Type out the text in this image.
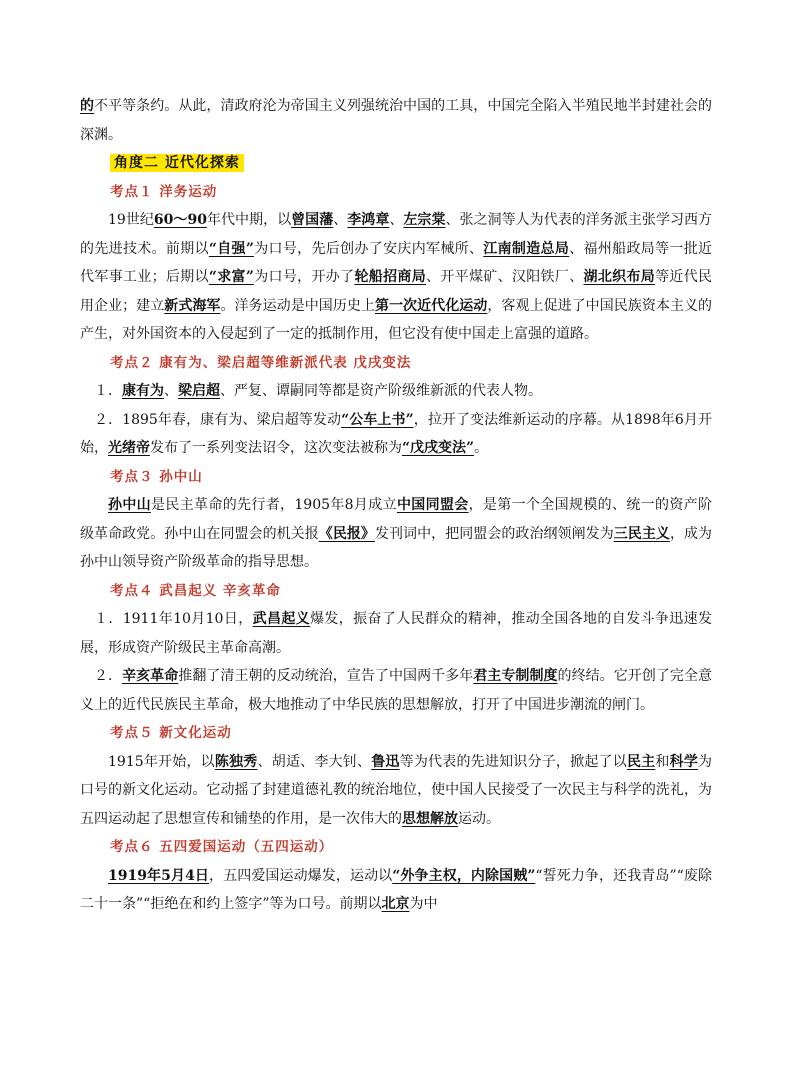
的不平等条约。从此，清政府沦为帝国主义列强统治中国的工具，中国完全陷入半殖民地半封建社会的深渊。

角度二 近代化探索

考点１ 洋务运动

19世纪60～90年代中期，以曾国藩、李鸿章、左宗棠、张之洞等人为代表的洋务派主张学习西方的先进技术。前期以“自强”为口号，先后创办了安庆内军械所、江南制造总局、福州船政局等一批近代军事工业；后期以“求富”为口号，开办了轮船招商局、开平煤矿、汉阳铁厂、湖北织布局等近代民用企业；建立新式海军。洋务运动是中国历史上第一次近代化运动，客观上促进了中国民族资本主义的产生，对外国资本的入侵起到了一定的抵制作用，但它没有使中国走上富强的道路。

考点２ 康有为、梁启超等维新派代表 戊戌变法

１．康有为、梁启超、严复、谭嗣同等都是资产阶级维新派的代表人物。

２．1895年春，康有为、梁启超等发动“公车上书”，拉开了变法维新运动的序幕。从1898年6月开始，光绪帝发布了一系列变法诏令，这次变法被称为“戊戌变法”。

考点３ 孙中山

孙中山是民主革命的先行者，1905年8月成立中国同盟会，是第一个全国规模的、统一的资产阶级革命政党。孙中山在同盟会的机关报《民报》发刊词中，把同盟会的政治纲领阐发为三民主义，成为孙中山领导资产阶级革命的指导思想。

考点４ 武昌起义 辛亥革命

１．1911年10月10日，武昌起义爆发，振奋了人民群众的精神，推动全国各地的自发斗争迅速发展，形成资产阶级民主革命高潮。

２．辛亥革命推翻了清王朝的反动统治，宣告了中国两千多年君主专制制度的终结。它开创了完全意义上的近代民族民主革命，极大地推动了中华民族的思想解放，打开了中国进步潮流的闸门。

考点５ 新文化运动

1915年开始，以陈独秀、胡适、李大钊、鲁迅等为代表的先进知识分子，掀起了以民主和科学为口号的新文化运动。它动摇了封建道德礼教的统治地位，使中国人民接受了一次民主与科学的洗礼，为五四运动起了思想宣传和铺垫的作用，是一次伟大的思想解放运动。

考点６ 五四爱国运动（五四运动）

1919年5月4日，五四爱国运动爆发，运动以“外争主权，内除国贼”“誓死力争，还我青岛”“废除二十一条”“拒绝在和约上签字”等为口号。前期以北京为中
